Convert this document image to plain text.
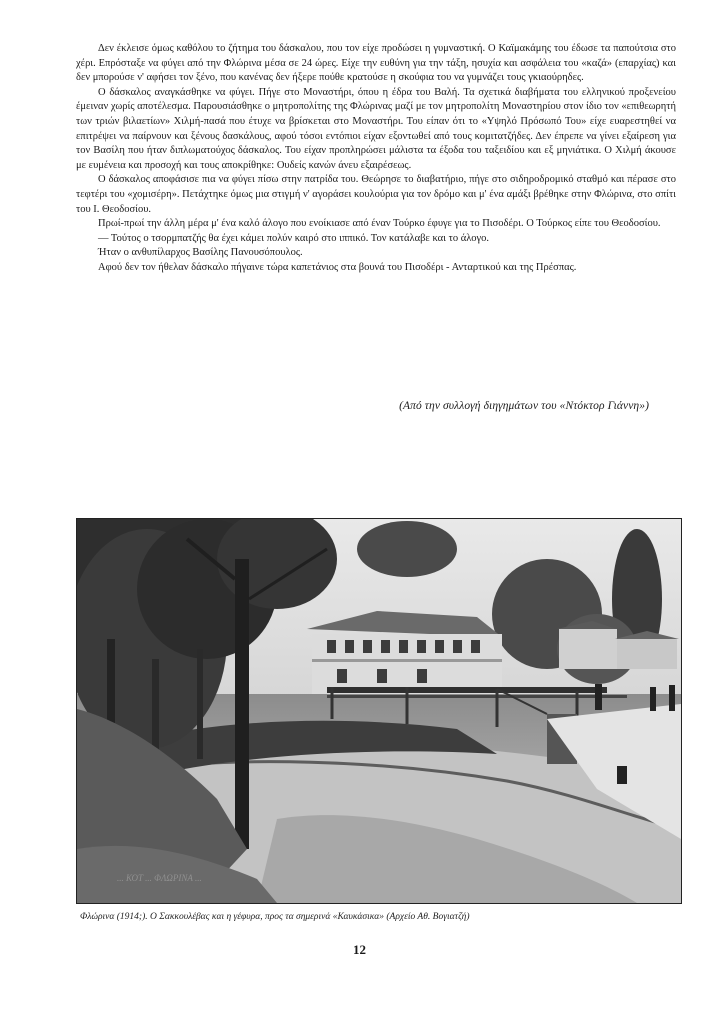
Δεν έκλεισε όμως καθόλου το ζήτημα του δάσκαλου, που τον είχε προδώσει η γυμναστική. Ο Καϊμακάμης του έδωσε τα παπούτσια στο χέρι. Επρόσταξε να φύγει από την Φλώρινα μέσα σε 24 ώρες. Είχε την ευθύνη για την τάξη, ησυχία και ασφάλεια του «καζά» (επαρχίας) και δεν μπορούσε ν' αφήσει τον ξένο, που κανένας δεν ήξερε πούθε κρατούσε η σκούφια του να γυμνάζει τους γκιαούρηδες.

Ο δάσκαλος αναγκάσθηκε να φύγει. Πήγε στο Μοναστήρι, όπου η έδρα του Βαλή. Τα σχετικά διαβήματα του ελληνικού προξενείου έμειναν χωρίς αποτέλεσμα. Παρουσιάσθηκε ο μητροπολίτης της Φλώρινας μαζί με τον μητροπολίτη Μοναστηρίου στον ίδιο τον «επιθεωρητή των τριών βιλαετίων» Χιλμή-πασά που έτυχε να βρίσκεται στο Μοναστήρι. Του είπαν ότι το «Υψηλό Πρόσωπό Του» είχε ευαρεστηθεί να επιτρέψει να παίρνουν και ξένους δασκάλους, αφού τόσοι εντόπιοι είχαν εξοντωθεί από τους κομιτατζήδες. Δεν έπρεπε να γίνει εξαίρεση για τον Βασίλη που ήταν διπλωματούχος δάσκαλος. Του είχαν προπληρώσει μάλιστα τα έξοδα του ταξειδίου και εξ μηνιάτικα. Ο Χιλμή άκουσε με ευμένεια και προσοχή και τους αποκρίθηκε: Ουδείς κανών άνευ εξαιρέσεως.

Ο δάσκαλος αποφάσισε πια να φύγει πίσω στην πατρίδα του. Θεώρησε το διαβατήριο, πήγε στο σιδηροδρομικό σταθμό και πέρασε στο τεφτέρι του «χομισέρη». Πετάχτηκε όμως μια στιγμή ν' αγοράσει κουλούρια για τον δρόμο και μ' ένα αμάξι βρέθηκε στην Φλώρινα, στο σπίτι του Ι. Θεοδοσίου.

Πρωί-πρωί την άλλη μέρα μ' ένα καλό άλογο που ενοίκιασε από έναν Τούρκο έφυγε για το Πισοδέρι. Ο Τούρκος είπε του Θεοδοσίου.

— Τούτος ο τσορμπατζής θα έχει κάμει πολύν καιρό στο ιππικό. Τον κατάλαβε και το άλογο.

Ήταν ο ανθυπίλαρχος Βασίλης Πανουσόπουλος.

Αφού δεν τον ήθελαν δάσκαλο πήγαινε τώρα καπετάνιος στα βουνά του Πισοδέρι - Ανταρτικού και της Πρέσπας.

(Από την συλλογή διηγημάτων του «Ντόκτορ Γιάννη»)
... ΚΟΤ ... ΦΛΩΡΙΝΑ ...
Φλώρινα (1914;). Ο Σακκουλέβας και η γέφυρα, προς τα σημερινά «Καυκάσικα» (Αρχείο Αθ. Βογιατζή)
12
